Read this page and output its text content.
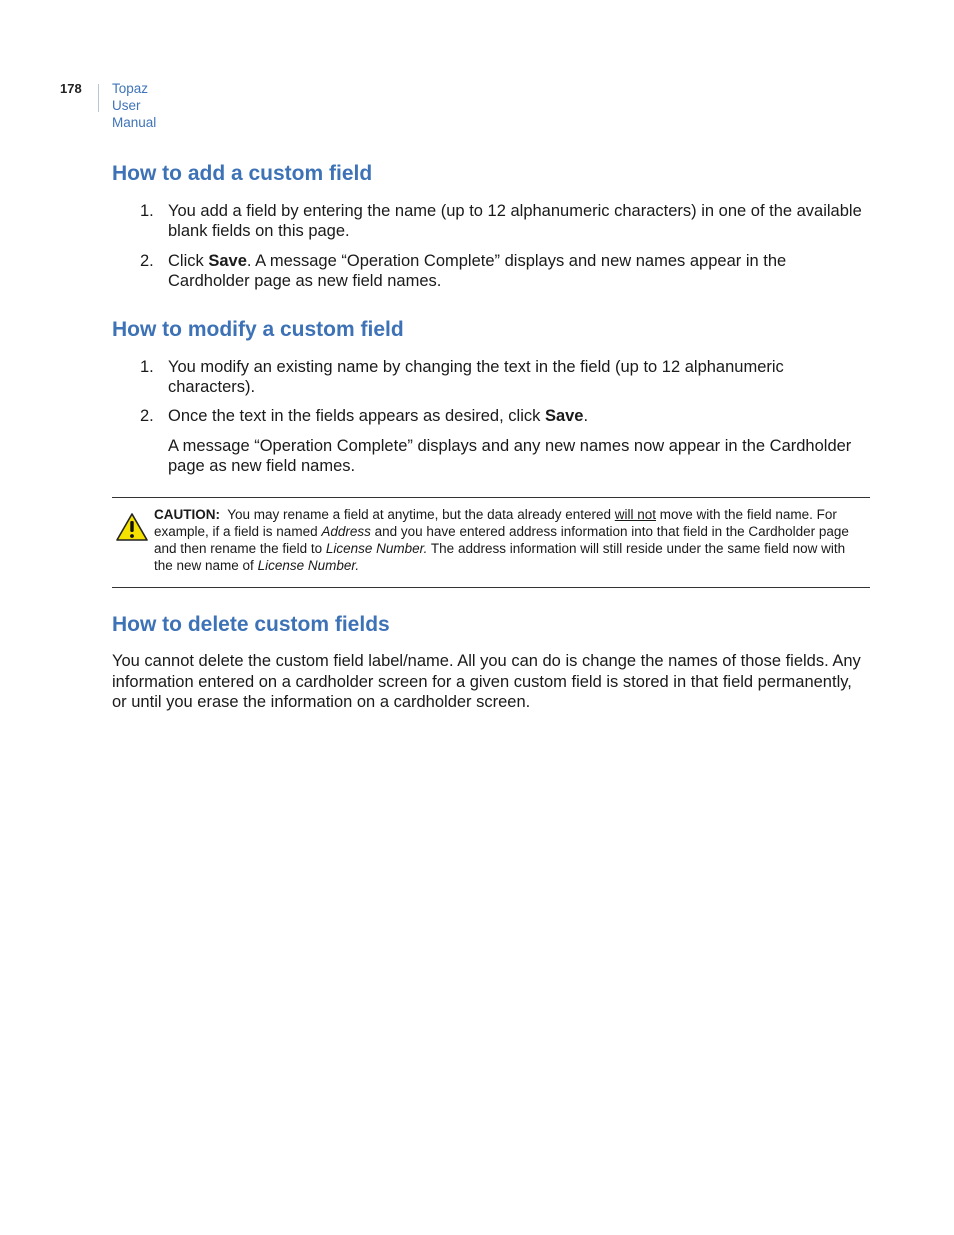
178 Topaz
User Manual
How to add a custom field
1. You add a field by entering the name (up to 12 alphanumeric characters) in one of the available blank fields on this page.
2. Click Save. A message “Operation Complete” displays and new names appear in the Cardholder page as new field names.
How to modify a custom field
1. You modify an existing name by changing the text in the field (up to 12 alphanumeric characters).
2. Once the text in the fields appears as desired, click Save.
A message “Operation Complete” displays and any new names now appear in the Cardholder page as new field names.
CAUTION: You may rename a field at anytime, but the data already entered will not move with the field name. For example, if a field is named Address and you have entered address information into that field in the Cardholder page and then rename the field to License Number. The address information will still reside under the same field now with the new name of License Number.
How to delete custom fields
You cannot delete the custom field label/name. All you can do is change the names of those fields. Any information entered on a cardholder screen for a given custom field is stored in that field permanently, or until you erase the information on a cardholder screen.
